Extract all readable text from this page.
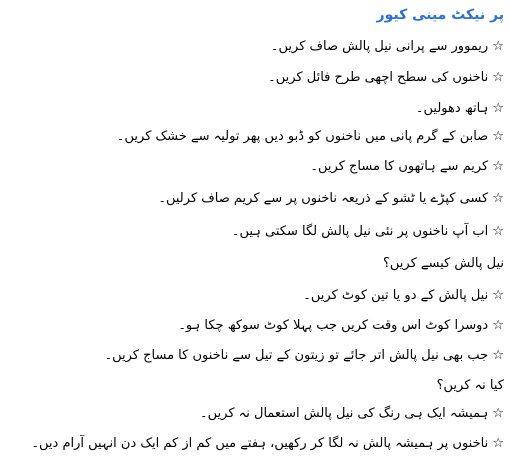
پر نیکٹ مینی کیور
☆ ریموور سے پرانی نیل پالش صاف کریں۔
☆ ناخنوں کی سطح اچھی طرح فائل کریں۔
☆ ہاتھ دھولیں۔
☆ صابن کے گرم پانی میں ناخنوں کو ڈبو دیں پھر تولیہ سے خشک کریں۔
☆ کریم سے ہاتھوں کا مساج کریں۔
☆ کسی کپڑے یا ٹشو کے ذریعہ ناخنوں پر سے کریم صاف کرلیں۔
☆ اب آپ ناخنوں پر نئی نیل پالش لگا سکتی ہیں۔
نیل پالش کیسے کریں؟
☆ نیل پالش کے دو یا تین کوٹ کریں۔
☆ دوسرا کوٹ اس وقت کریں جب پہلا کوٹ سوکھ چکا ہو۔
☆ جب بھی نیل پالش اتر جائے تو زیتون کے تیل سے ناخنوں کا مساج کریں۔
کیا نہ کریں؟
☆ ہمیشہ ایک ہی رنگ کی نیل پالش استعمال نہ کریں۔
☆ ناخنوں پر ہمیشہ پالش نہ لگا کر رکھیں، ہفتے میں کم از کم ایک دن انہیں آرام دیں۔
